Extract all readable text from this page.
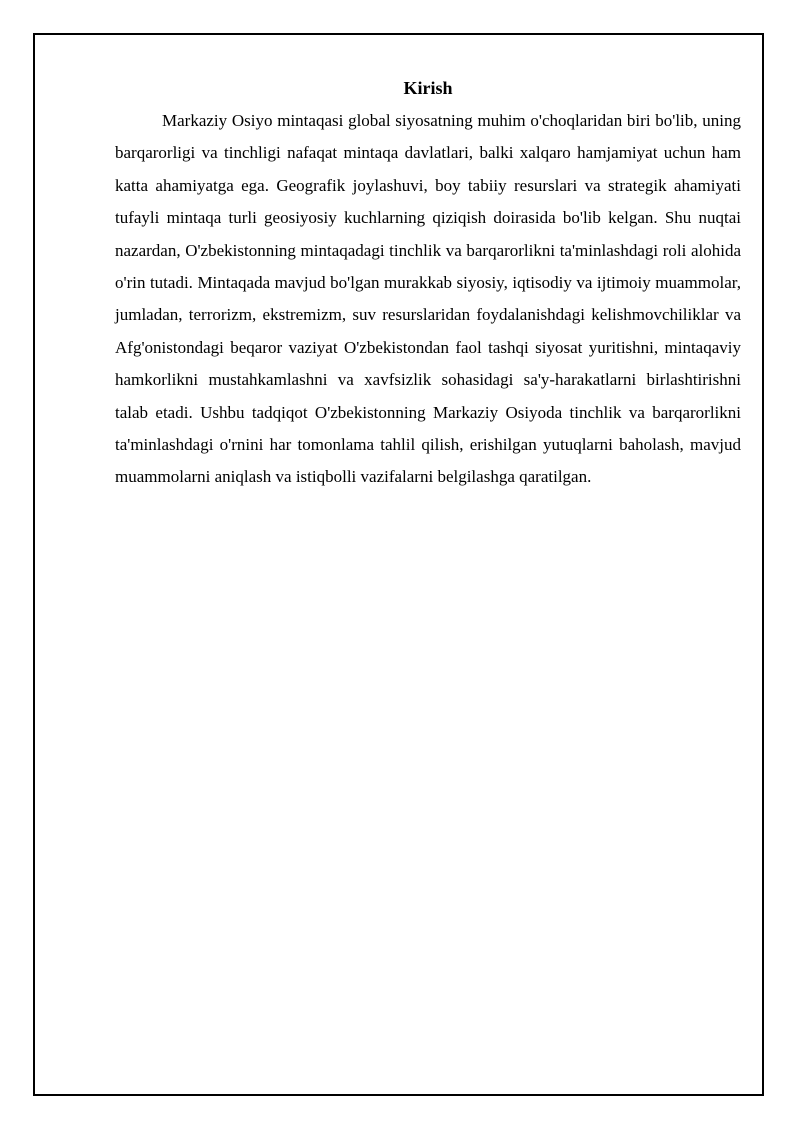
Kirish

Markaziy Osiyo mintaqasi global siyosatning muhim o'choqlaridan biri bo'lib, uning barqarorligi va tinchligi nafaqat mintaqa davlatlari, balki xalqaro hamjamiyat uchun ham katta ahamiyatga ega. Geografik joylashuvi, boy tabiiy resurslari va strategik ahamiyati tufayli mintaqa turli geosiyosiy kuchlarning qiziqish doirasida bo'lib kelgan. Shu nuqtai nazardan, O'zbekistonning mintaqadagi tinchlik va barqarorlikni ta'minlashdagi roli alohida o'rin tutadi. Mintaqada mavjud bo'lgan murakkab siyosiy, iqtisodiy va ijtimoiy muammolar, jumladan, terrorizm, ekstremizm, suv resurslaridan foydalanishdagi kelishmovchiliklar va Afg'onistondagi beqaror vaziyat O'zbekistondan faol tashqi siyosat yuritishni, mintaqaviy hamkorlikni mustahkamlashni va xavfsizlik sohasidagi sa'y-harakatlarni birlashtirishni talab etadi. Ushbu tadqiqot O'zbekistonning Markaziy Osiyoda tinchlik va barqarorlikni ta'minlashdagi o'rnini har tomonlama tahlil qilish, erishilgan yutuqlarni baholash, mavjud muammolarni aniqlash va istiqbolli vazifalarni belgilashga qaratilgan.
